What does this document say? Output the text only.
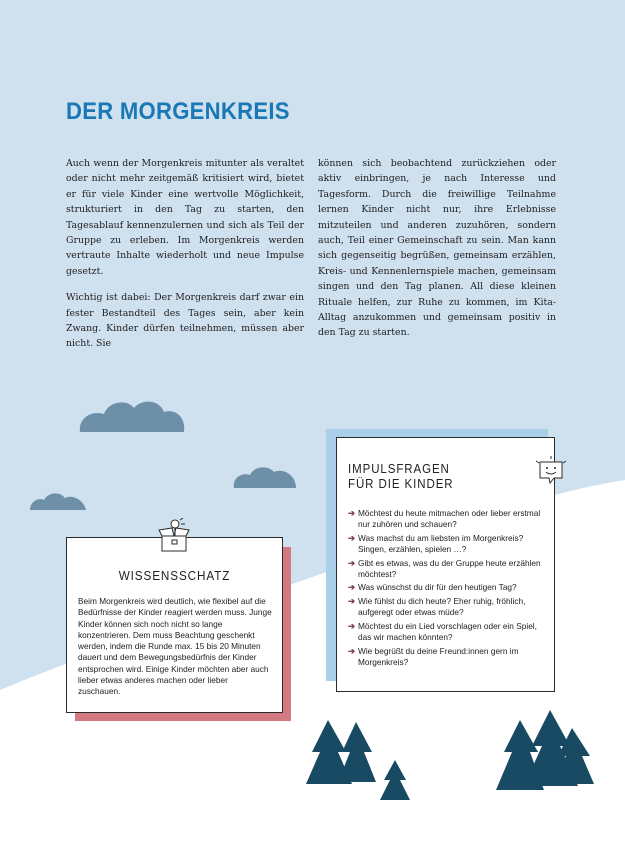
DER MORGENKREIS

Auch wenn der Morgenkreis mitunter als veraltet oder nicht mehr zeitgemäß kritisiert wird, bietet er für viele Kinder eine wertvolle Möglichkeit, strukturiert in den Tag zu starten, den Tagesablauf kennenzulernen und sich als Teil der Gruppe zu erleben. Im Morgenkreis werden vertraute Inhalte wiederholt und neue Impulse gesetzt.

Wichtig ist dabei: Der Morgenkreis darf zwar ein fester Bestandteil des Tages sein, aber kein Zwang. Kinder dürfen teilnehmen, müssen aber nicht. Sie

können sich beobachtend zurückziehen oder aktiv einbringen, je nach Interesse und Tagesform. Durch die freiwillige Teilnahme lernen Kinder nicht nur, ihre Erlebnisse mitzuteilen und anderen zuzuhören, sondern auch, Teil einer Gemeinschaft zu sein. Man kann sich gegenseitig begrüßen, gemeinsam erzählen, Kreis- und Kennenlernspiele machen, gemeinsam singen und den Tag planen. All diese kleinen Rituale helfen, zur Ruhe zu kommen, im Kita-Alltag anzukommen und gemeinsam positiv in den Tag zu starten.

WISSENSSCHATZ

Beim Morgenkreis wird deutlich, wie flexibel auf die Bedürfnisse der Kinder reagiert werden muss. Junge Kinder können sich noch nicht so lange konzentrieren. Dem muss Beachtung geschenkt werden, indem die Runde max. 15 bis 20 Minuten dauert und dem Bewegungsbedürfnis der Kinder entsprochen wird. Einige Kinder möchten aber auch lieber etwas anderes machen oder lieber zuschauen.

IMPULSFRAGEN
FÜR DIE KINDER
➔ Möchtest du heute mitmachen oder lieber erstmal nur zuhören und schauen?
➔ Was machst du am liebsten im Morgenkreis? Singen, erzählen, spielen …?
➔ Gibt es etwas, was du der Gruppe heute erzählen möchtest?
➔ Was wünschst du dir für den heutigen Tag?
➔ Wie fühlst du dich heute? Eher ruhig, fröhlich, aufgeregt oder etwas müde?
➔ Möchtest du ein Lied vorschlagen oder ein Spiel, das wir machen könnten?
➔ Wie begrüßt du deine Freund:innen gern im Morgenkreis?
